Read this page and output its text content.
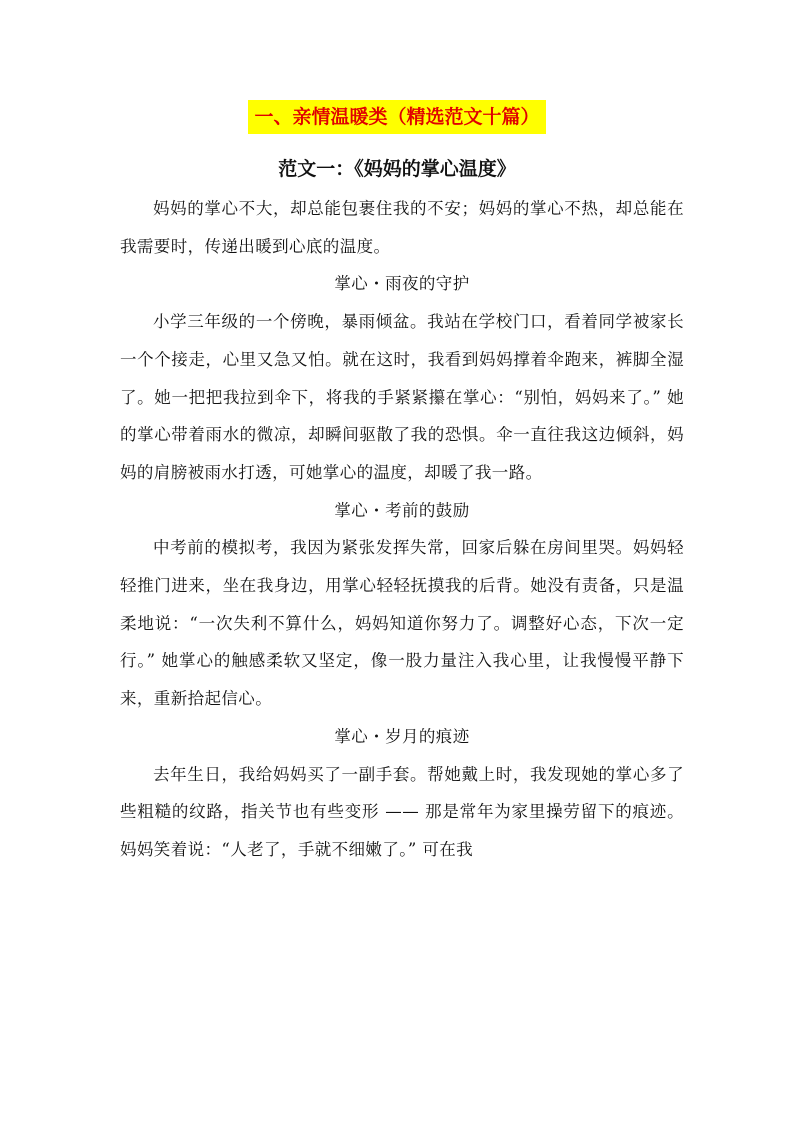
一、亲情温暖类（精选范文十篇）
范文一：《妈妈的掌心温度》

妈妈的掌心不大，却总能包裹住我的不安；妈妈的掌心不热，却总能在我需要时，传递出暖到心底的温度。

掌心・雨夜的守护

小学三年级的一个傍晚，暴雨倾盆。我站在学校门口，看着同学被家长一个个接走，心里又急又怕。就在这时，我看到妈妈撑着伞跑来，裤脚全湿了。她一把把我拉到伞下，将我的手紧紧攥在掌心：“别怕，妈妈来了。” 她的掌心带着雨水的微凉，却瞬间驱散了我的恐惧。伞一直往我这边倾斜，妈妈的肩膀被雨水打透，可她掌心的温度，却暖了我一路。

掌心・考前的鼓励

中考前的模拟考，我因为紧张发挥失常，回家后躲在房间里哭。妈妈轻轻推门进来，坐在我身边，用掌心轻轻抚摸我的后背。她没有责备，只是温柔地说：“一次失利不算什么，妈妈知道你努力了。调整好心态，下次一定行。” 她掌心的触感柔软又坚定，像一股力量注入我心里，让我慢慢平静下来，重新拾起信心。

掌心・岁月的痕迹

去年生日，我给妈妈买了一副手套。帮她戴上时，我发现她的掌心多了些粗糙的纹路，指关节也有些变形 —— 那是常年为家里操劳留下的痕迹。妈妈笑着说：“人老了，手就不细嫩了。” 可在我
